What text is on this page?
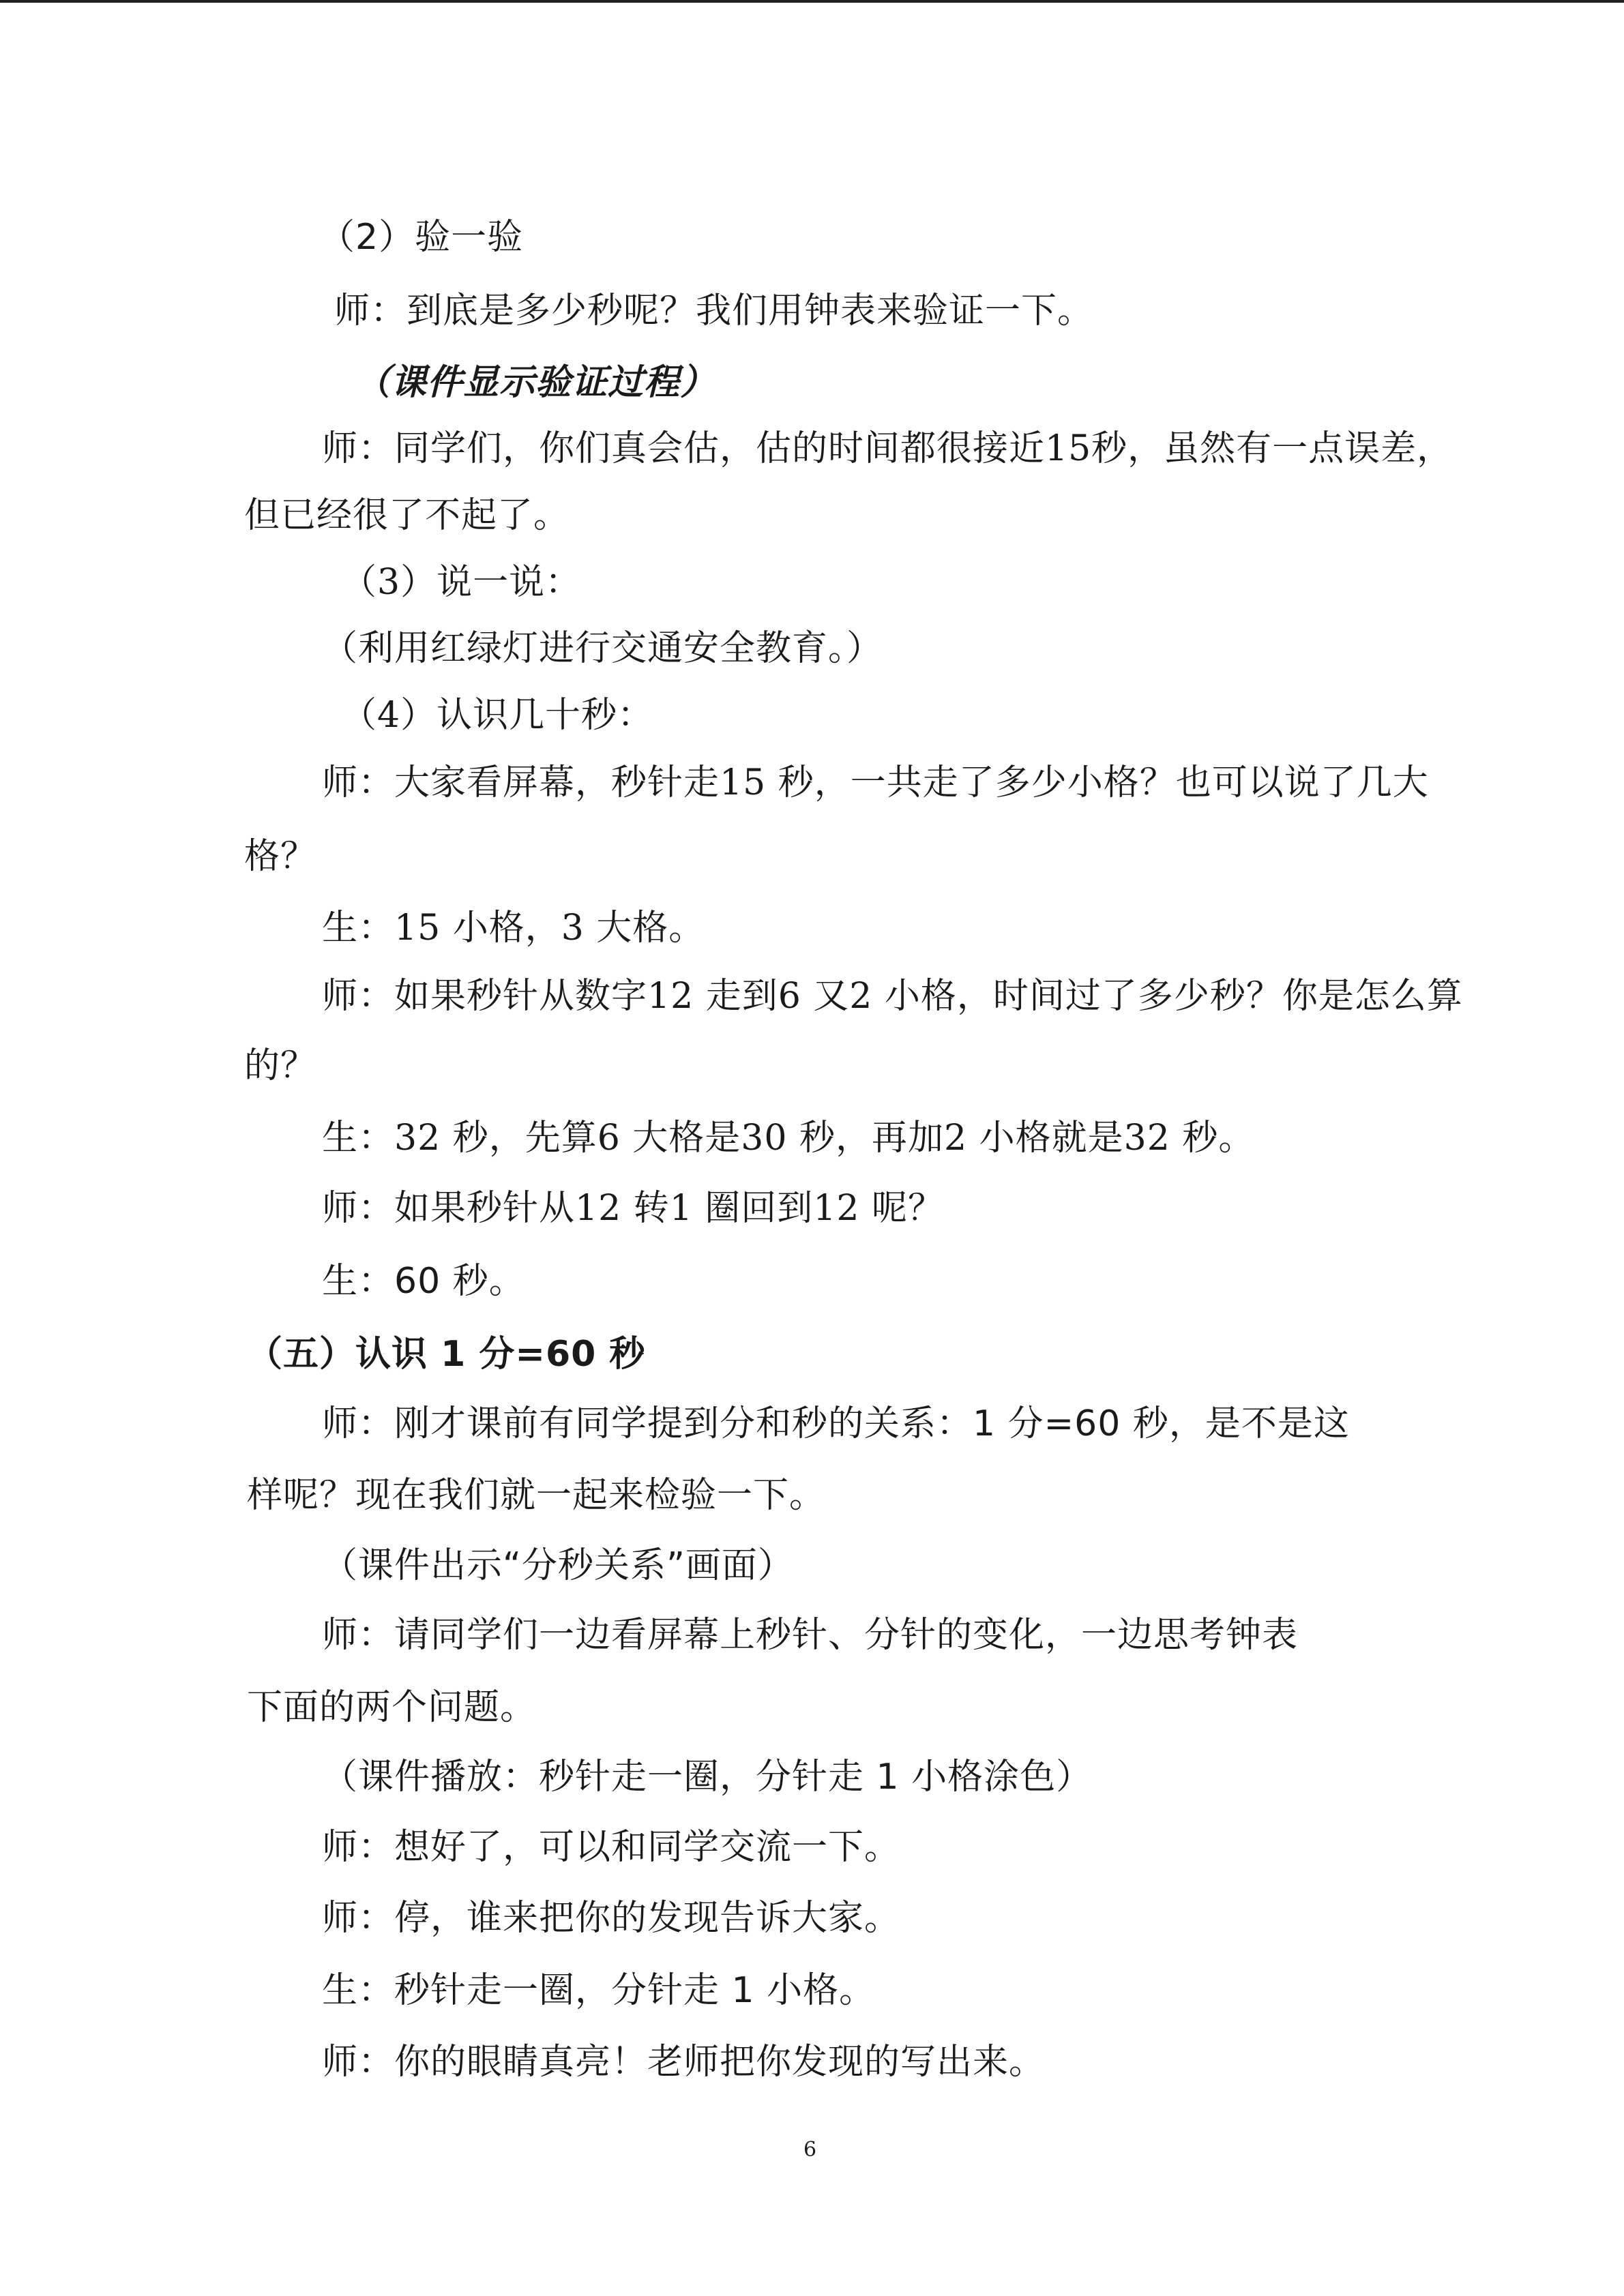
（2）验一验
师：到底是多少秒呢？我们用钟表来验证一下。
（课件显示验证过程）
师：同学们，你们真会估，估的时间都很接近15秒，虽然有一点误差，
但已经很了不起了。
（3）说一说：
（利用红绿灯进行交通安全教育。）
（4）认识几十秒：
师：大家看屏幕，秒针走15 秒，一共走了多少小格？也可以说了几大
格？
生：15 小格，3 大格。
师：如果秒针从数字12 走到6 又2 小格，时间过了多少秒？你是怎么算
的？
生：32 秒，先算6 大格是30 秒，再加2 小格就是32 秒。
师：如果秒针从12 转1 圈回到12 呢？
生：60 秒。
（五）认识 1 分=60 秒
师：刚才课前有同学提到分和秒的关系：1 分=60 秒，是不是这
样呢？现在我们就一起来检验一下。
（课件出示“分秒关系”画面）
师：请同学们一边看屏幕上秒针、分针的变化，一边思考钟表
下面的两个问题。
（课件播放：秒针走一圈，分针走 1 小格涂色）
师：想好了，可以和同学交流一下。
师：停，谁来把你的发现告诉大家。
生：秒针走一圈，分针走 1 小格。
师：你的眼睛真亮！老师把你发现的写出来。
6
